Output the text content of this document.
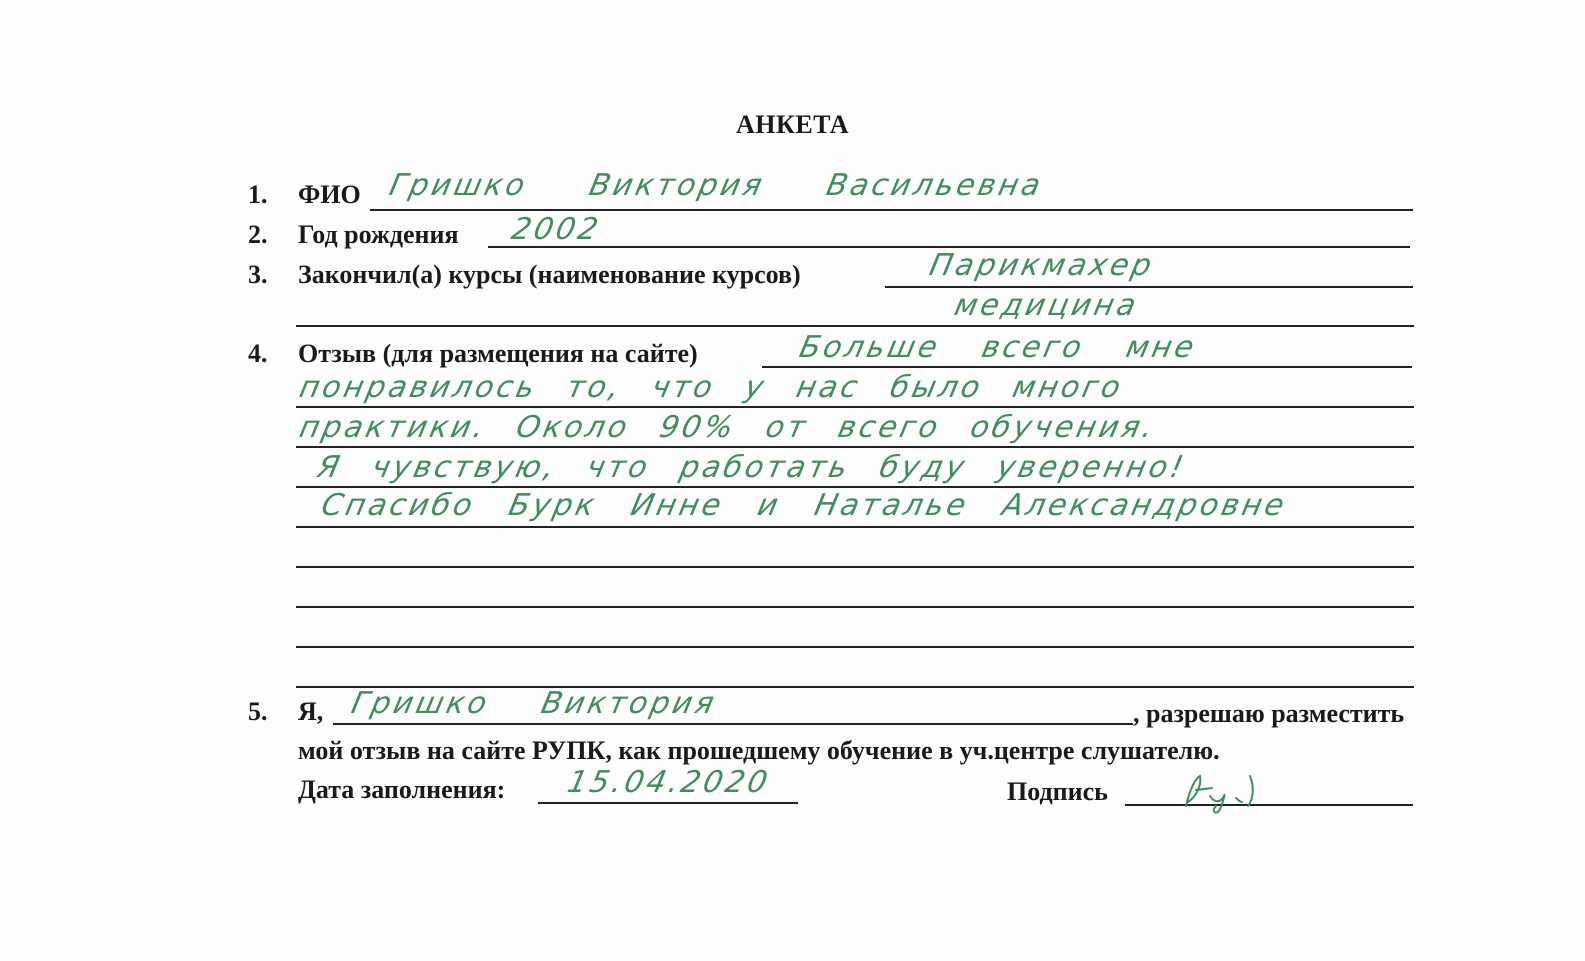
АНКЕТА
1. ФИО Гришко Виктория Васильевна
2. Год рождения 2002
3. Закончил(а) курсы (наименование курсов)	Парикмахер
медицина
4. Отзыв (для размещения на сайте)	Больше всего мне
понравилось то, что у нас было много
практики. Около 90% от всего обучения.
Я чувствую, что работать буду уверенно!
Спасибо Бурк Инне и Наталье Александровне
5. Я, Гришко Виктория	, разрешаю разместить
мой отзыв на сайте РУПК, как прошедшему обучение в уч.центре слушателю.
Дата заполнения: 15.04.2020	Подпись
